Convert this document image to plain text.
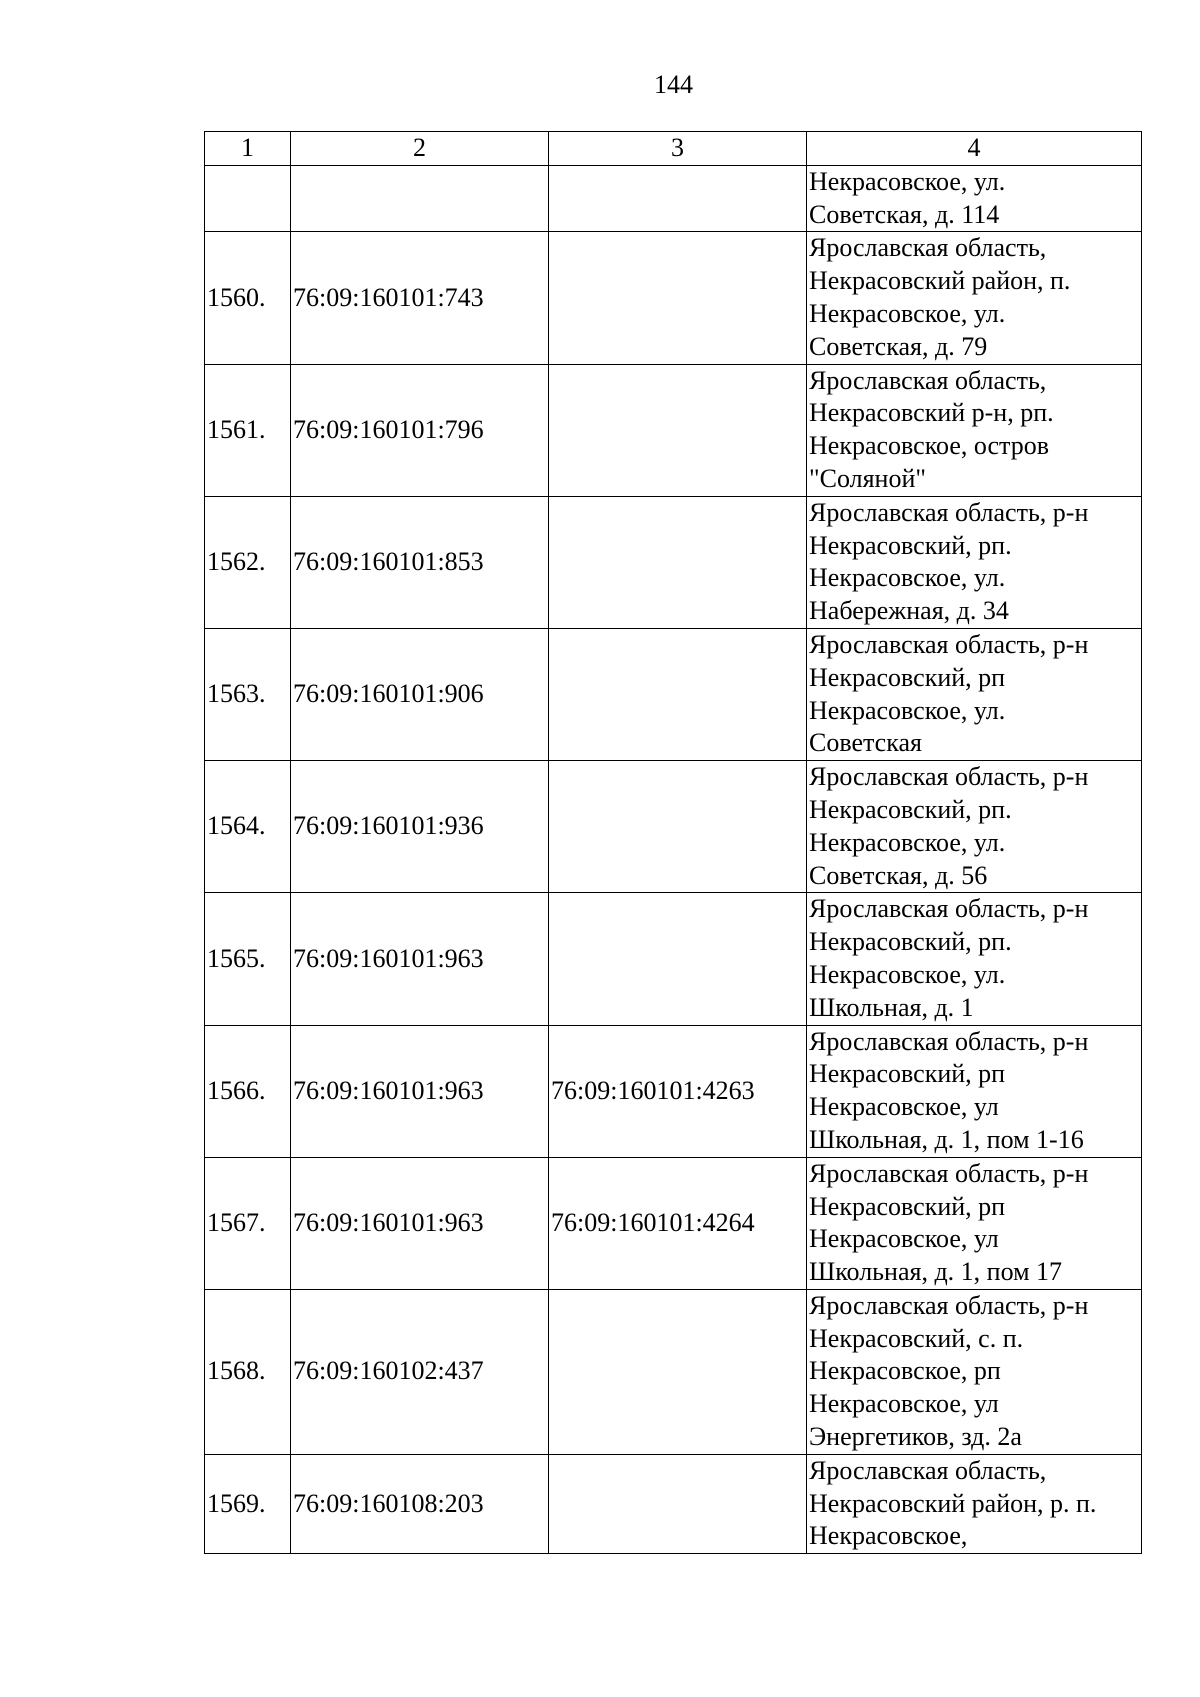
144
1	2	3	4
			Некрасовское, ул.
Советская, д. 114
1560.	76:09:160101:743		Ярославская область,
Некрасовский район, п.
Некрасовское, ул.
Советская, д. 79
1561.	76:09:160101:796		Ярославская область,
Некрасовский р-н, рп.
Некрасовское, остров
"Соляной"
1562.	76:09:160101:853		Ярославская область, р-н
Некрасовский, рп.
Некрасовское, ул.
Набережная, д. 34
1563.	76:09:160101:906		Ярославская область, р-н
Некрасовский, рп
Некрасовское, ул.
Советская
1564.	76:09:160101:936		Ярославская область, р-н
Некрасовский, рп.
Некрасовское, ул.
Советская, д. 56
1565.	76:09:160101:963		Ярославская область, р-н
Некрасовский, рп.
Некрасовское, ул.
Школьная, д. 1
1566.	76:09:160101:963	76:09:160101:4263	Ярославская область, р-н
Некрасовский, рп
Некрасовское, ул
Школьная, д. 1, пом 1-16
1567.	76:09:160101:963	76:09:160101:4264	Ярославская область, р-н
Некрасовский, рп
Некрасовское, ул
Школьная, д. 1, пом 17
1568.	76:09:160102:437		Ярославская область, р-н
Некрасовский, с. п.
Некрасовское, рп
Некрасовское, ул
Энергетиков, зд. 2а
1569.	76:09:160108:203		Ярославская область,
Некрасовский район, р. п.
Некрасовское,
